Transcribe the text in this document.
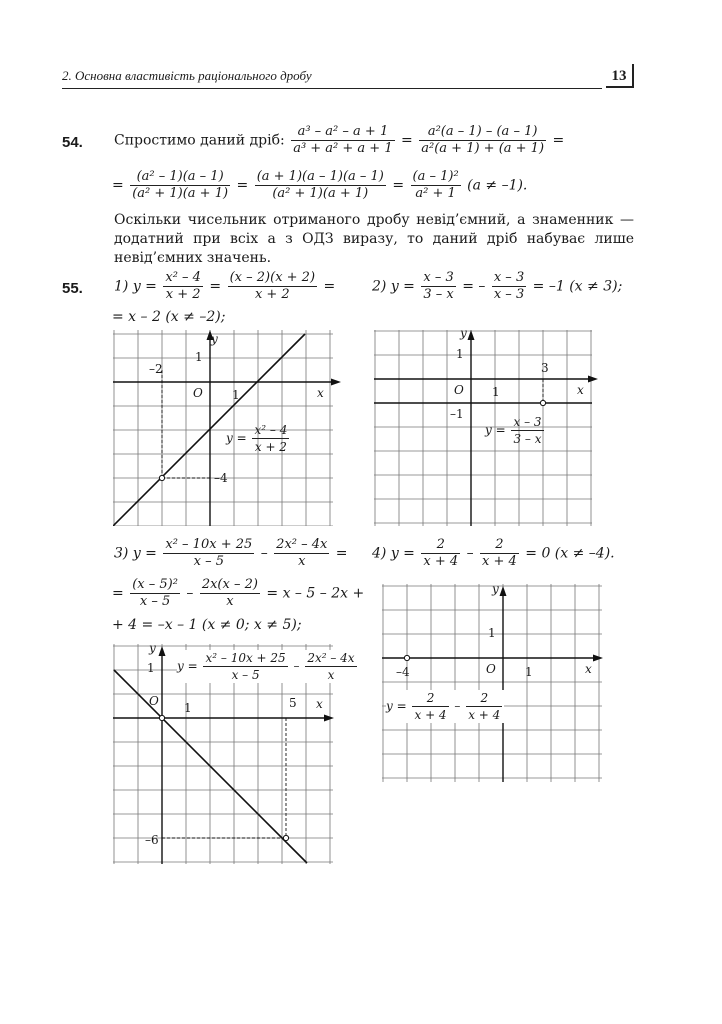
2. Основна властивість раціонального дробу	13
54. Спростимо даний дріб: $\frac{\text{a³ – a² – a + 1}}{\text{a³ + a² + a + 1}} = \frac{\text{a²(a – 1) – (a – 1)}}{\text{a²(a + 1) + (a + 1)}}$ =
= $\frac{\text{(a² – 1)(a – 1)}}{\text{(a² + 1)(a + 1)}} = \frac{(a + 1)(a - 1)(a - 1)}{\text{(a² + 1)(a + 1)}} = \frac{\text{(a – 1)²}}{\text{a² + 1}} (a \ne -1)$.
Оскільки чисельник отриманого дробу невід’ємний, а знаменник — додатний при всіх a з ОДЗ виразу, то даний дріб набуває лише невід’ємних значень.
55. 1) $y = \frac{\text{x² – 4}}{x + 2} = \frac{(x - 2)(x + 2)}{x + 2}$ =
= x – 2 (x ≠ –2);
2) $y = \frac{x - 3}{3 - x}$ = – $\frac{x - 3}{x - 3} = -1$ (x ≠ 3);
–2
1
y
O 1	x
–4
$y = \frac{\text{x² – 4}}{x + 2}$
y
1
3
O 1	x
–1
$y = \frac{x - 3}{3 - x}$
3) $y = \frac{\text{x² – 10x + 25}}{x - 5} - \frac{\text{2x² – 4x}}{x}$ =
= $\frac{\text{(x – 5)²}}{x - 5} - \frac{2x(x - 2)}{x} = x - 5 - 2x$ +
+ 4 = –x – 1 (x ≠ 0; x ≠ 5);
4) $y = \frac{2}{x + 4} - \frac{2}{x + 4} = 0$ (x ≠ –4).
y
1
O 1	5 x
–6
$y = \frac{\text{x² – 10x + 25}}{x - 5} - \frac{\text{2x² – 4x}}{x}$
y
1
–4	O 1	x
$y = \frac{2}{x + 4} - \frac{2}{x + 4}$
